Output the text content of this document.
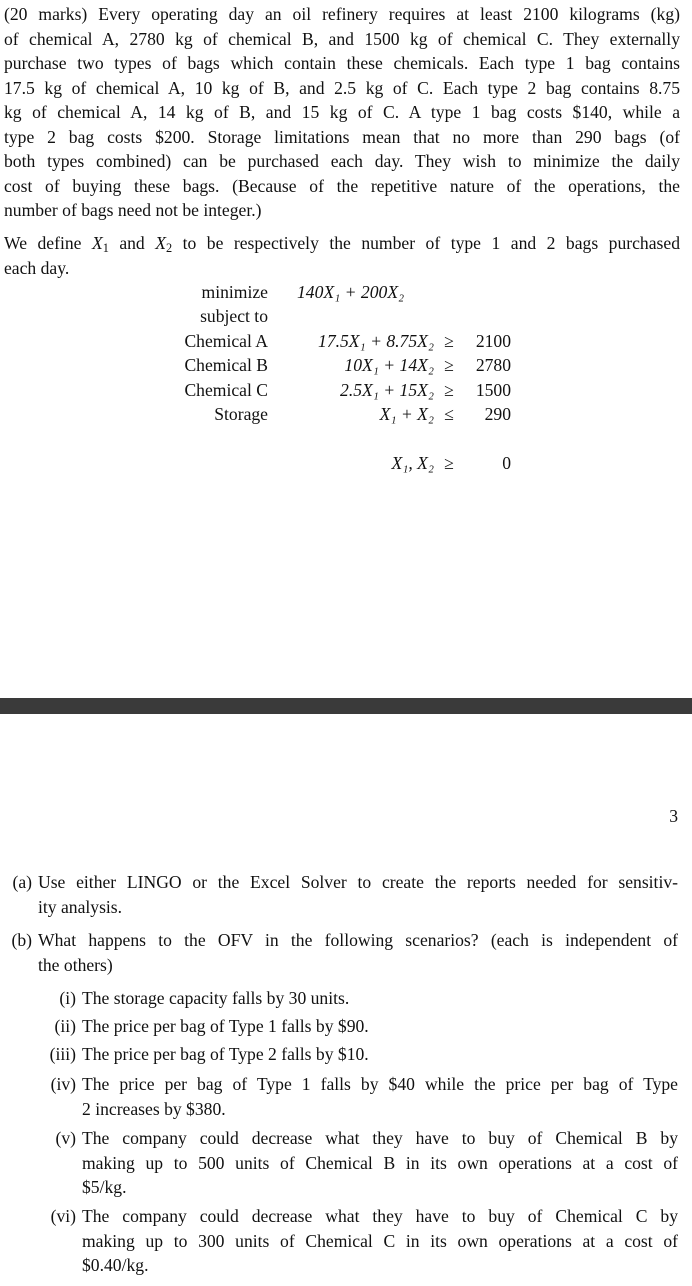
(20 marks) Every operating day an oil refinery requires at least 2100 kilograms (kg)
of chemical A, 2780 kg of chemical B, and 1500 kg of chemical C. They externally
purchase two types of bags which contain these chemicals. Each type 1 bag contains
17.5 kg of chemical A, 10 kg of B, and 2.5 kg of C. Each type 2 bag contains 8.75
kg of chemical A, 14 kg of B, and 15 kg of C. A type 1 bag costs $140, while a
type 2 bag costs $200. Storage limitations mean that no more than 290 bags (of
both types combined) can be purchased each day. They wish to minimize the daily
cost of buying these bags. (Because of the repetitive nature of the operations, the
number of bags need not be integer.)
We define $X_1$ and $X_2$ to be respectively the number of type 1 and 2 bags purchased
each day.
minimize 140X₁ + 200X₂
subject to
Chemical A	17.5X₁ + 8.75X₂ ≥	2100
Chemical B	10X₁ + 14X₂ ≥	2780
Chemical C	2.5X₁ + 15X₂ ≥	1500
Storage	X₁ + X₂ ≤	290
X₁, X₂ ≥	0
3
(a) Use either LINGO or the Excel Solver to create the reports needed for sensitiv-
ity analysis.
(b) What happens to the OFV in the following scenarios? (each is independent of
the others)
(i) The storage capacity falls by 30 units.
(ii) The price per bag of Type 1 falls by $90.
(iii) The price per bag of Type 2 falls by $10.
(iv) The price per bag of Type 1 falls by $40 while the price per bag of Type
2 increases by $380.
(v) The company could decrease what they have to buy of Chemical B by
making up to 500 units of Chemical B in its own operations at a cost of
$5/kg.
(vi) The company could decrease what they have to buy of Chemical C by
making up to 300 units of Chemical C in its own operations at a cost of
$0.40/kg.
